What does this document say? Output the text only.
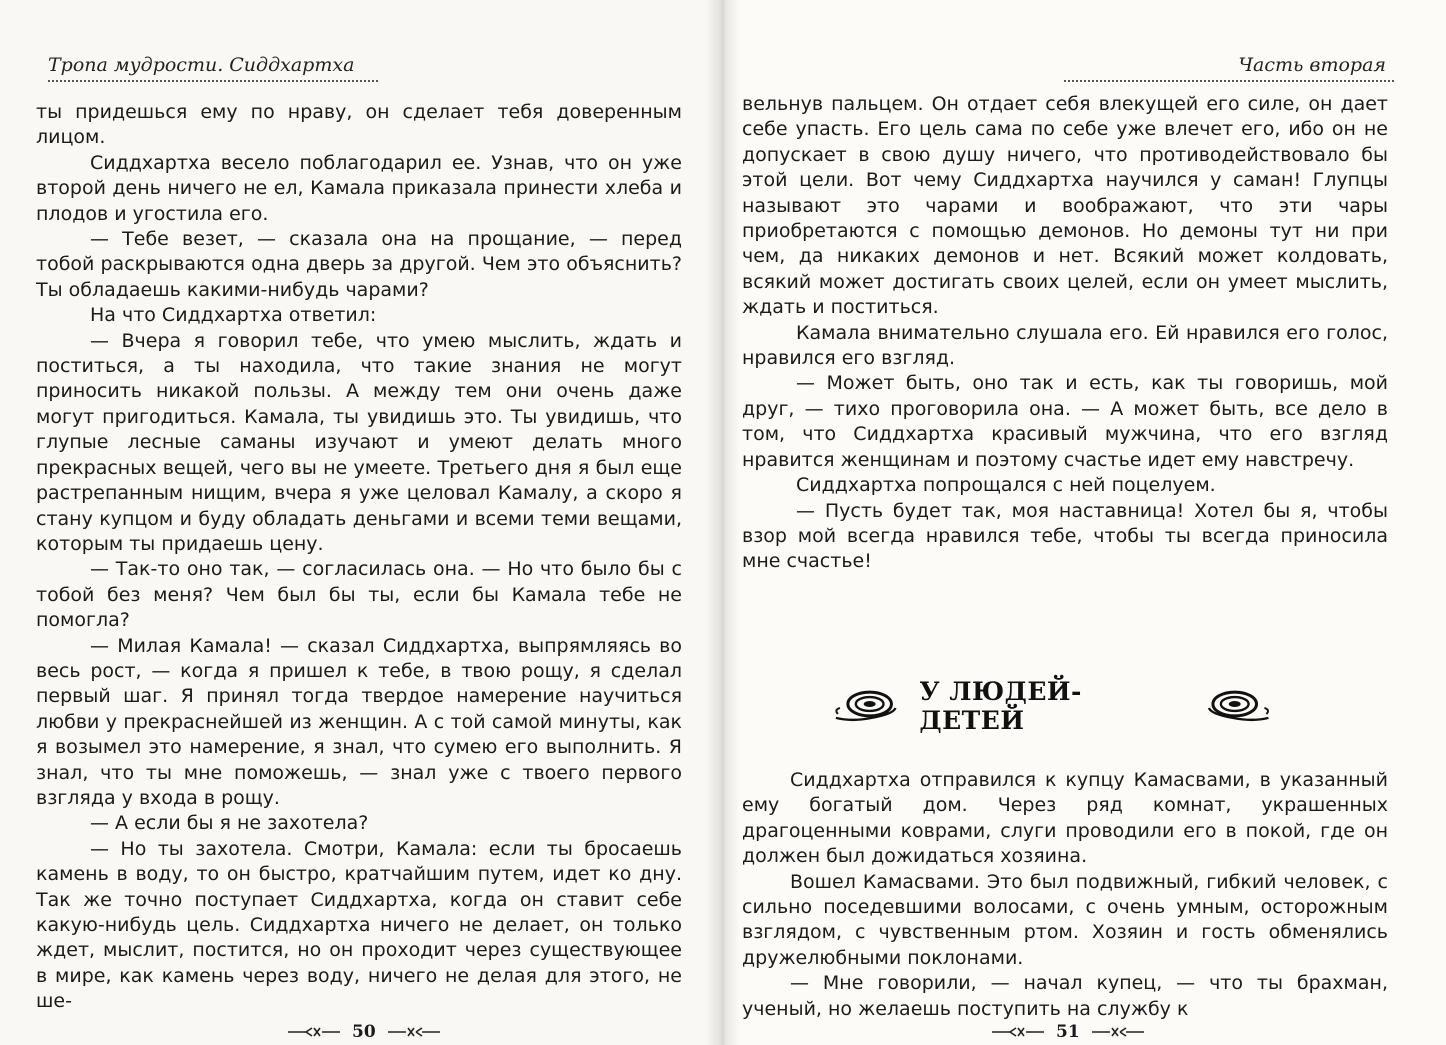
Тропа мудрости. Сиддхартха

ты придешься ему по нраву, он сделает тебя доверенным лицом.

Сиддхартха весело поблагодарил ее. Узнав, что он уже второй день ничего не ел, Камала приказала принести хлеба и плодов и угостила его.

— Тебе везет, — сказала она на прощание, — перед тобой раскрываются одна дверь за другой. Чем это объяснить? Ты обладаешь какими-нибудь чарами?

На что Сиддхартха ответил:

— Вчера я говорил тебе, что умею мыслить, ждать и поститься, а ты находила, что такие знания не могут приносить никакой пользы. А между тем они очень даже могут пригодиться. Камала, ты увидишь это. Ты увидишь, что глупые лесные саманы изучают и умеют делать много прекрасных вещей, чего вы не умеете. Третьего дня я был еще растрепанным нищим, вчера я уже целовал Камалу, а скоро я стану купцом и буду обладать деньгами и всеми теми вещами, которым ты придаешь цену.

— Так-то оно так, — согласилась она. — Но что было бы с тобой без меня? Чем был бы ты, если бы Камала тебе не помогла?

— Милая Камала! — сказал Сиддхартха, выпрямляясь во весь рост, — когда я пришел к тебе, в твою рощу, я сделал первый шаг. Я принял тогда твердое намерение научиться любви у прекраснейшей из женщин. А с той самой минуты, как я возымел это намерение, я знал, что сумею его выполнить. Я знал, что ты мне поможешь, — знал уже с твоего первого взгляда у входа в рощу.

— А если бы я не захотела?

— Но ты захотела. Смотри, Камала: если ты бросаешь камень в воду, то он быстро, кратчайшим путем, идет ко дну. Так же точно поступает Сиддхартха, когда он ставит себе какую-нибудь цель. Сиддхартха ничего не делает, он только ждет, мыслит, постится, но он проходит через существующее в мире, как камень через воду, ничего не делая для этого, не ше-

50
Часть вторая

вельнув пальцем. Он отдает себя влекущей его силе, он дает себе упасть. Его цель сама по себе уже влечет его, ибо он не допускает в свою душу ничего, что противодействовало бы этой цели. Вот чему Сиддхартха научился у саман! Глупцы называют это чарами и воображают, что эти чары приобретаются с помощью демонов. Но демоны тут ни при чем, да никаких демонов и нет. Всякий может колдовать, всякий может достигать своих целей, если он умеет мыслить, ждать и поститься.

Камала внимательно слушала его. Ей нравился его голос, нравился его взгляд.

— Может быть, оно так и есть, как ты говоришь, мой друг, — тихо проговорила она. — А может быть, все дело в том, что Сиддхартха красивый мужчина, что его взгляд нравится женщинам и поэтому счастье идет ему навстречу.

Сиддхартха попрощался с ней поцелуем.

— Пусть будет так, моя наставница! Хотел бы я, чтобы взор мой всегда нравился тебе, чтобы ты всегда приносила мне счастье!

У ЛЮДЕЙ-ДЕТЕЙ

Сиддхартха отправился к купцу Камасвами, в указанный ему богатый дом. Через ряд комнат, украшенных драгоценными коврами, слуги проводили его в покой, где он должен был дожидаться хозяина.

Вошел Камасвами. Это был подвижный, гибкий человек, с сильно поседевшими волосами, с очень умным, осторожным взглядом, с чувственным ртом. Хозяин и гость обменялись дружелюбными поклонами.

— Мне говорили, — начал купец, — что ты брахман, ученый, но желаешь поступить на службу к

51
